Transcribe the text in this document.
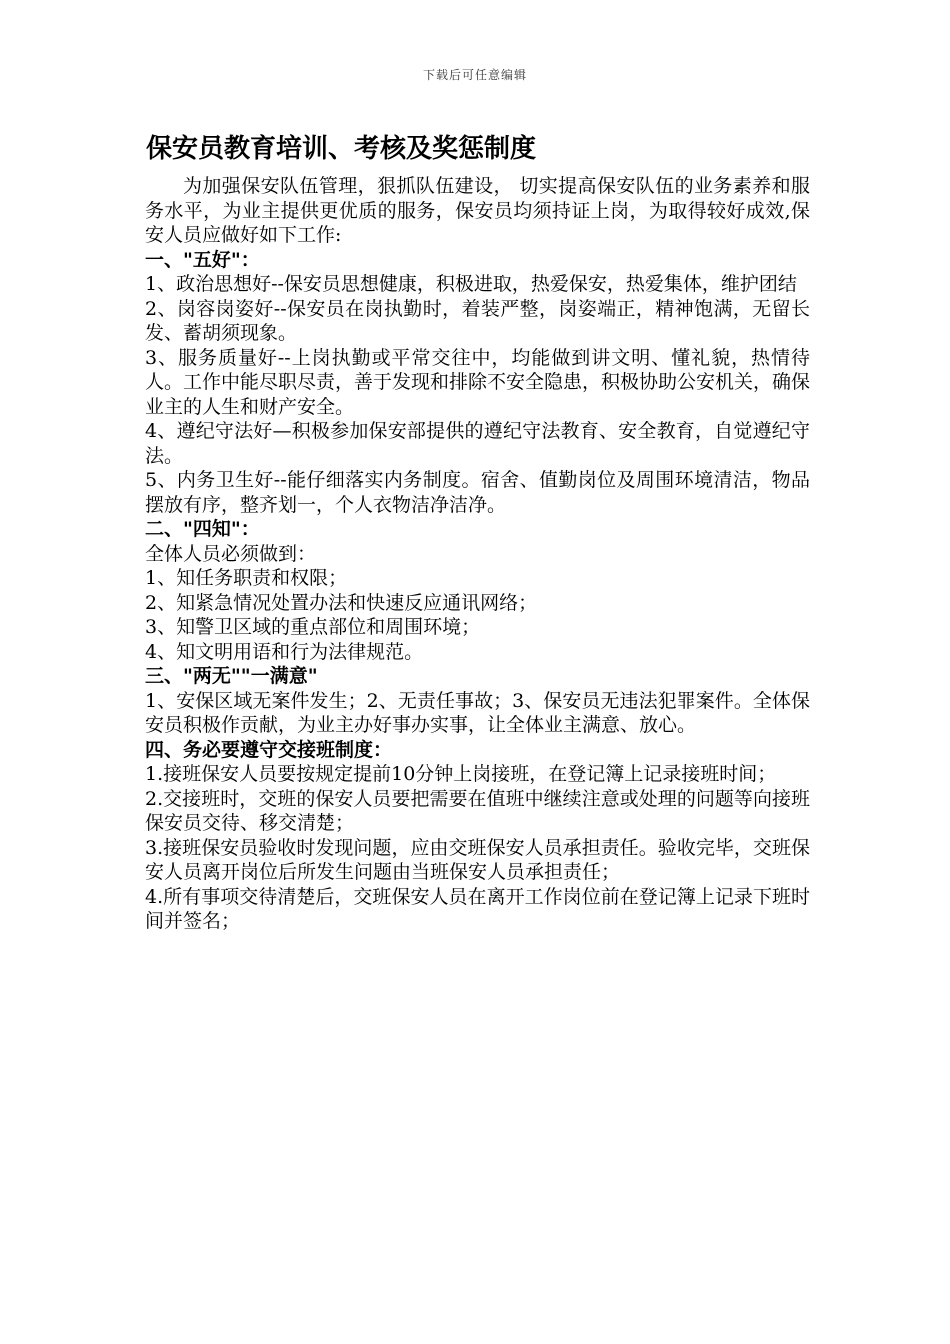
下载后可任意编辑
保安员教育培训、考核及奖惩制度

为加强保安队伍管理，狠抓队伍建设， 切实提高保安队伍的业务素养和服务水平，为业主提供更优质的服务，保安员均须持证上岗，为取得较好成效,保安人员应做好如下工作:

一、"五好"：

1、政治思想好--保安员思想健康，积极进取，热爱保安，热爱集体，维护团结

2、岗容岗姿好--保安员在岗执勤时，着装严整，岗姿端正，精神饱满，无留长发、蓄胡须现象。

3、服务质量好--上岗执勤或平常交往中，均能做到讲文明、懂礼貌，热情待人。工作中能尽职尽责，善于发现和排除不安全隐患，积极协助公安机关，确保业主的人生和财产安全。

4、遵纪守法好—积极参加保安部提供的遵纪守法教育、安全教育，自觉遵纪守法。

5、内务卫生好--能仔细落实内务制度。宿舍、值勤岗位及周围环境清洁，物品摆放有序，整齐划一，个人衣物洁净洁净。

二、"四知"：

全体人员必须做到：

1、知任务职责和权限；

2、知紧急情况处置办法和快速反应通讯网络；

3、知警卫区域的重点部位和周围环境；

4、知文明用语和行为法律规范。

三、"两无""一满意"

1、安保区域无案件发生；2、无责任事故；3、保安员无违法犯罪案件。全体保安员积极作贡献，为业主办好事办实事，让全体业主满意、放心。

四、务必要遵守交接班制度：

1.接班保安人员要按规定提前10分钟上岗接班，在登记簿上记录接班时间；

2.交接班时，交班的保安人员要把需要在值班中继续注意或处理的问题等向接班保安员交待、移交清楚；

3.接班保安员验收时发现问题，应由交班保安人员承担责任。验收完毕，交班保安人员离开岗位后所发生问题由当班保安人员承担责任；

4.所有事项交待清楚后，交班保安人员在离开工作岗位前在登记簿上记录下班时间并签名；
